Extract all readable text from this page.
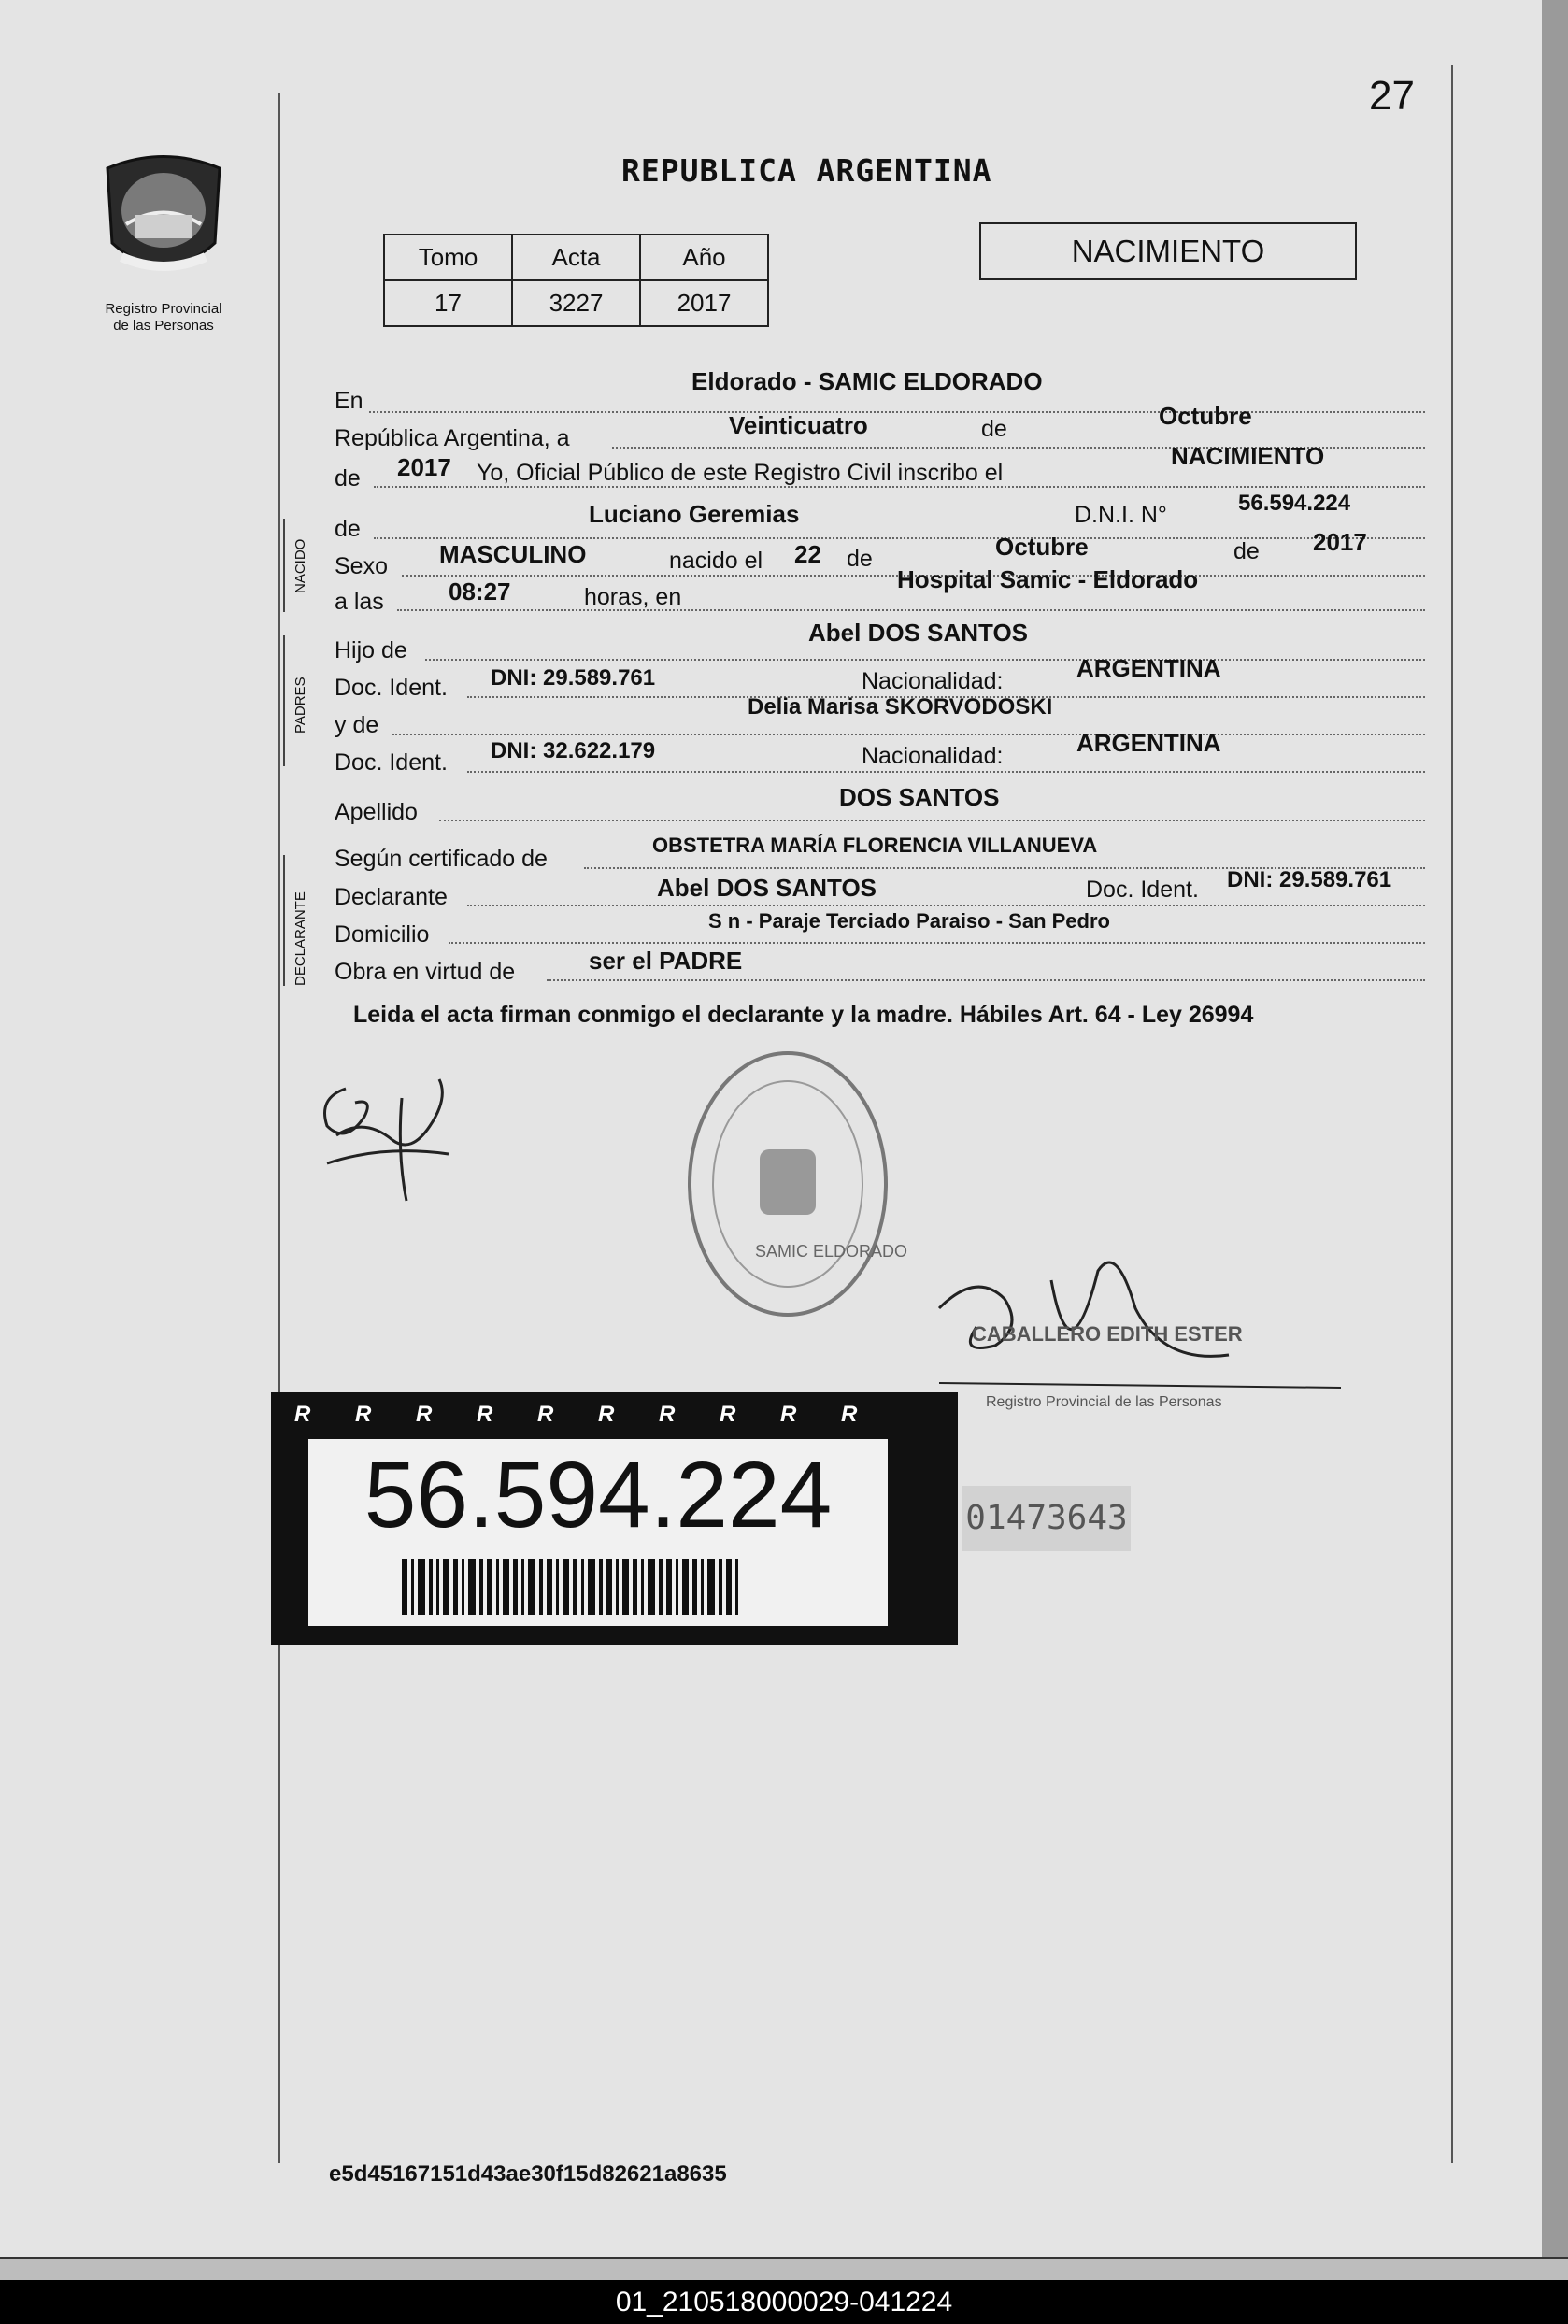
27
Registro Provincial
de las Personas
REPUBLICA ARGENTINA
Tomo	Acta	Año
17	3227	2017
NACIMIENTO
En
Eldorado - SAMIC ELDORADO
República Argentina, a	Veinticuatro	de	Octubre
de 2017 Yo, Oficial Público de este Registro Civil inscribo el
NACIMIENTO
NACIDO
de
Luciano Geremias	D.N.I. N°	56.594.224
Sexo MASCULINO	nacido el 22 de	Octubre	de 2017
a las	08:27	horas, en
Hospital Samic - Eldorado
PADRES
Hijo de
Abel DOS SANTOS
Doc. Ident. DNI: 29.589.761	Nacionalidad:	ARGENTINA
y de
Delia Marisa SKORVODOSKI
Doc. Ident. DNI: 32.622.179	Nacionalidad:	ARGENTINA
Apellido
DOS SANTOS
DECLARANTE
Según certificado de
OBSTETRA MARÍA FLORENCIA VILLANUEVA
Declarante	Abel DOS SANTOS	Doc. Ident. DNI: 29.589.761
Domicilio
S n - Paraje Terciado Paraiso - San Pedro
Obra en virtud de	ser el PADRE
Leida el acta firman conmigo el declarante y la madre. Hábiles Art. 64 - Ley 26994
SAMIC ELDORADO
CABALLERO EDITH ESTER
Registro Provincial de las Personas
R R R R R R R R R R
56.594.224	01473643
e5d45167151d43ae30f15d82621a8635
01_210518000029-041224
